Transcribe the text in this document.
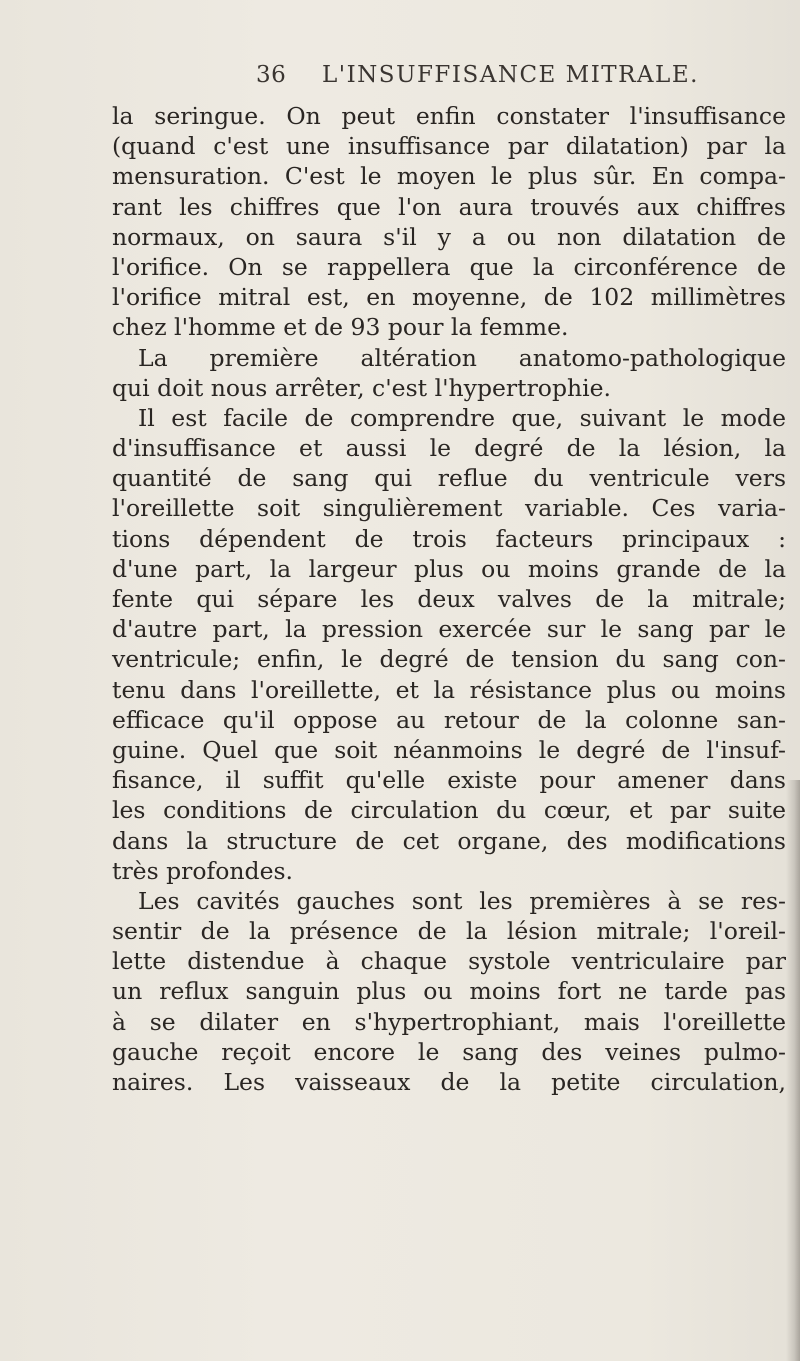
36 L'INSUFFISANCE MITRALE.
la seringue. On peut enfin constater l'insuffisance
(quand c'est une insuffisance par dilatation) par la
mensuration. C'est le moyen le plus sûr. En compa-
rant les chiffres que l'on aura trouvés aux chiffres
normaux, on saura s'il y a ou non dilatation de
l'orifice. On se rappellera que la circonférence de
l'orifice mitral est, en moyenne, de 102 millimètres
chez l'homme et de 93 pour la femme.
La première altération anatomo-pathologique
qui doit nous arrêter, c'est l'hypertrophie.
Il est facile de comprendre que, suivant le mode
d'insuffisance et aussi le degré de la lésion, la
quantité de sang qui reflue du ventricule vers
l'oreillette soit singulièrement variable. Ces varia-
tions dépendent de trois facteurs principaux :
d'une part, la largeur plus ou moins grande de la
fente qui sépare les deux valves de la mitrale;
d'autre part, la pression exercée sur le sang par le
ventricule; enfin, le degré de tension du sang con-
tenu dans l'oreillette, et la résistance plus ou moins
efficace qu'il oppose au retour de la colonne san-
guine. Quel que soit néanmoins le degré de l'insuf-
fisance, il suffit qu'elle existe pour amener dans
les conditions de circulation du cœur, et par suite
dans la structure de cet organe, des modifications
très profondes.
Les cavités gauches sont les premières à se res-
sentir de la présence de la lésion mitrale; l'oreil-
lette distendue à chaque systole ventriculaire par
un reflux sanguin plus ou moins fort ne tarde pas
à se dilater en s'hypertrophiant, mais l'oreillette
gauche reçoit encore le sang des veines pulmo-
naires. Les vaisseaux de la petite circulation,
